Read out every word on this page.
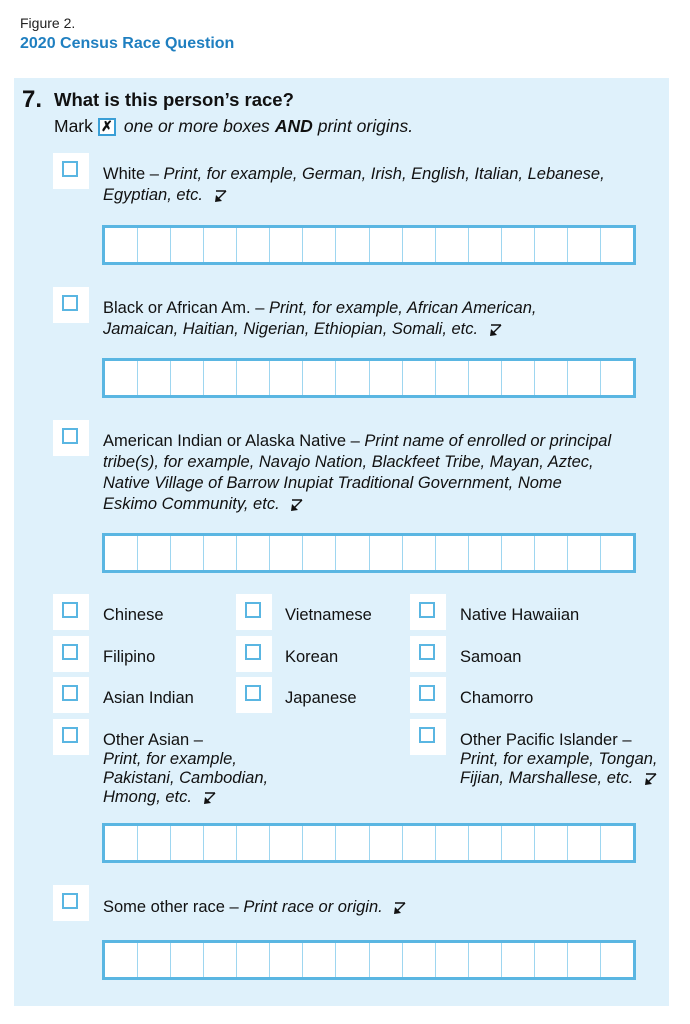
Figure 2.
2020 Census Race Question
7. What is this person’s race?
Mark ✗ one or more boxes AND print origins.
White – Print, for example, German, Irish, English, Italian, Lebanese, Egyptian, etc.
Black or African Am. – Print, for example, African American, Jamaican, Haitian, Nigerian, Ethiopian, Somali, etc.
American Indian or Alaska Native – Print name of enrolled or principal tribe(s), for example, Navajo Nation, Blackfeet Tribe, Mayan, Aztec, Native Village of Barrow Inupiat Traditional Government, Nome Eskimo Community, etc.
Chinese	Vietnamese	Native Hawaiian
Filipino	Korean	Samoan
Asian Indian	Japanese	Chamorro
Other Asian –
Print, for example, Pakistani, Cambodian, Hmong, etc.
Other Pacific Islander –
Print, for example, Tongan, Fijian, Marshallese, etc.
Some other race – Print race or origin.
